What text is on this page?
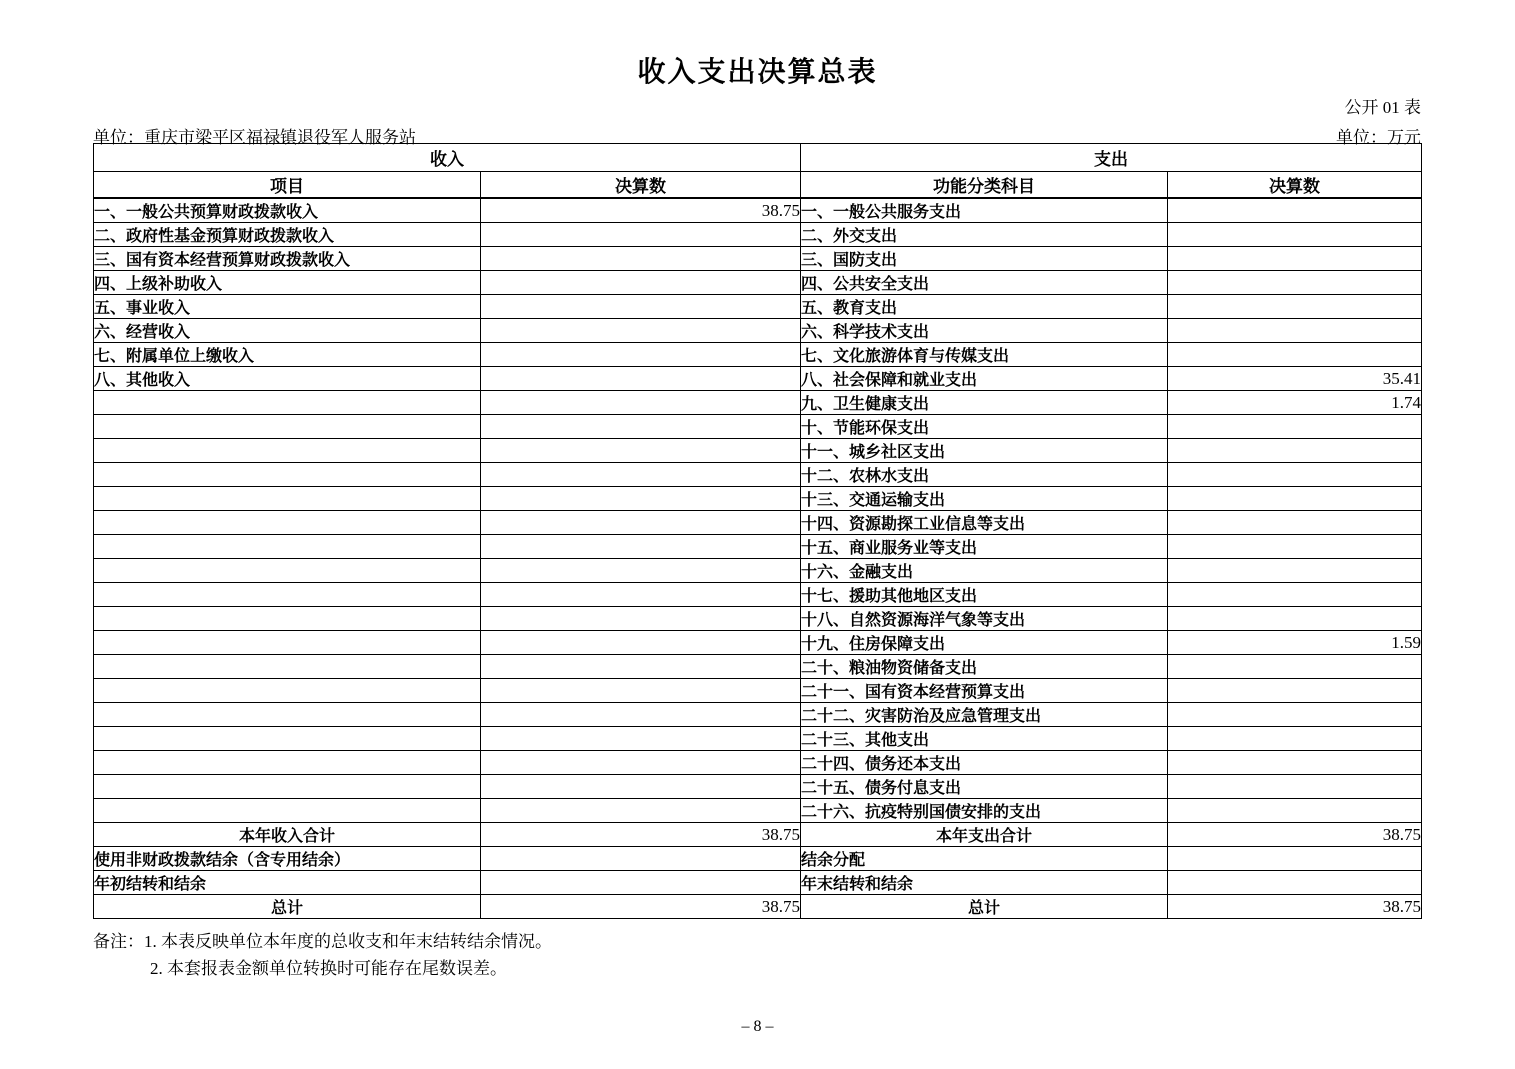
收入支出决算总表
公开 01 表
单位：重庆市梁平区福禄镇退役军人服务站	单位：万元
收入		支出	
项目	决算数	功能分类科目	决算数
一、一般公共预算财政拨款收入	38.75	一、一般公共服务支出	
二、政府性基金预算财政拨款收入		二、外交支出	
三、国有资本经营预算财政拨款收入		三、国防支出	
四、上级补助收入		四、公共安全支出	
五、事业收入		五、教育支出	
六、经营收入		六、科学技术支出	
七、附属单位上缴收入		七、文化旅游体育与传媒支出	
八、其他收入		八、社会保障和就业支出	35.41
		九、卫生健康支出	1.74
		十、节能环保支出	
		十一、城乡社区支出	
		十二、农林水支出	
		十三、交通运输支出	
		十四、资源勘探工业信息等支出	
		十五、商业服务业等支出	
		十六、金融支出	
		十七、援助其他地区支出	
		十八、自然资源海洋气象等支出	
		十九、住房保障支出	1.59
		二十、粮油物资储备支出	
		二十一、国有资本经营预算支出	
		二十二、灾害防治及应急管理支出	
		二十三、其他支出	
		二十四、债务还本支出	
		二十五、债务付息支出	
		二十六、抗疫特别国债安排的支出	
本年收入合计	38.75	本年支出合计	38.75
使用非财政拨款结余（含专用结余）		结余分配	
年初结转和结余		年末结转和结余	
总计	38.75	总计	38.75
备注：1. 本表反映单位本年度的总收支和年末结转结余情况。
2. 本套报表金额单位转换时可能存在尾数误差。
– 8 –
